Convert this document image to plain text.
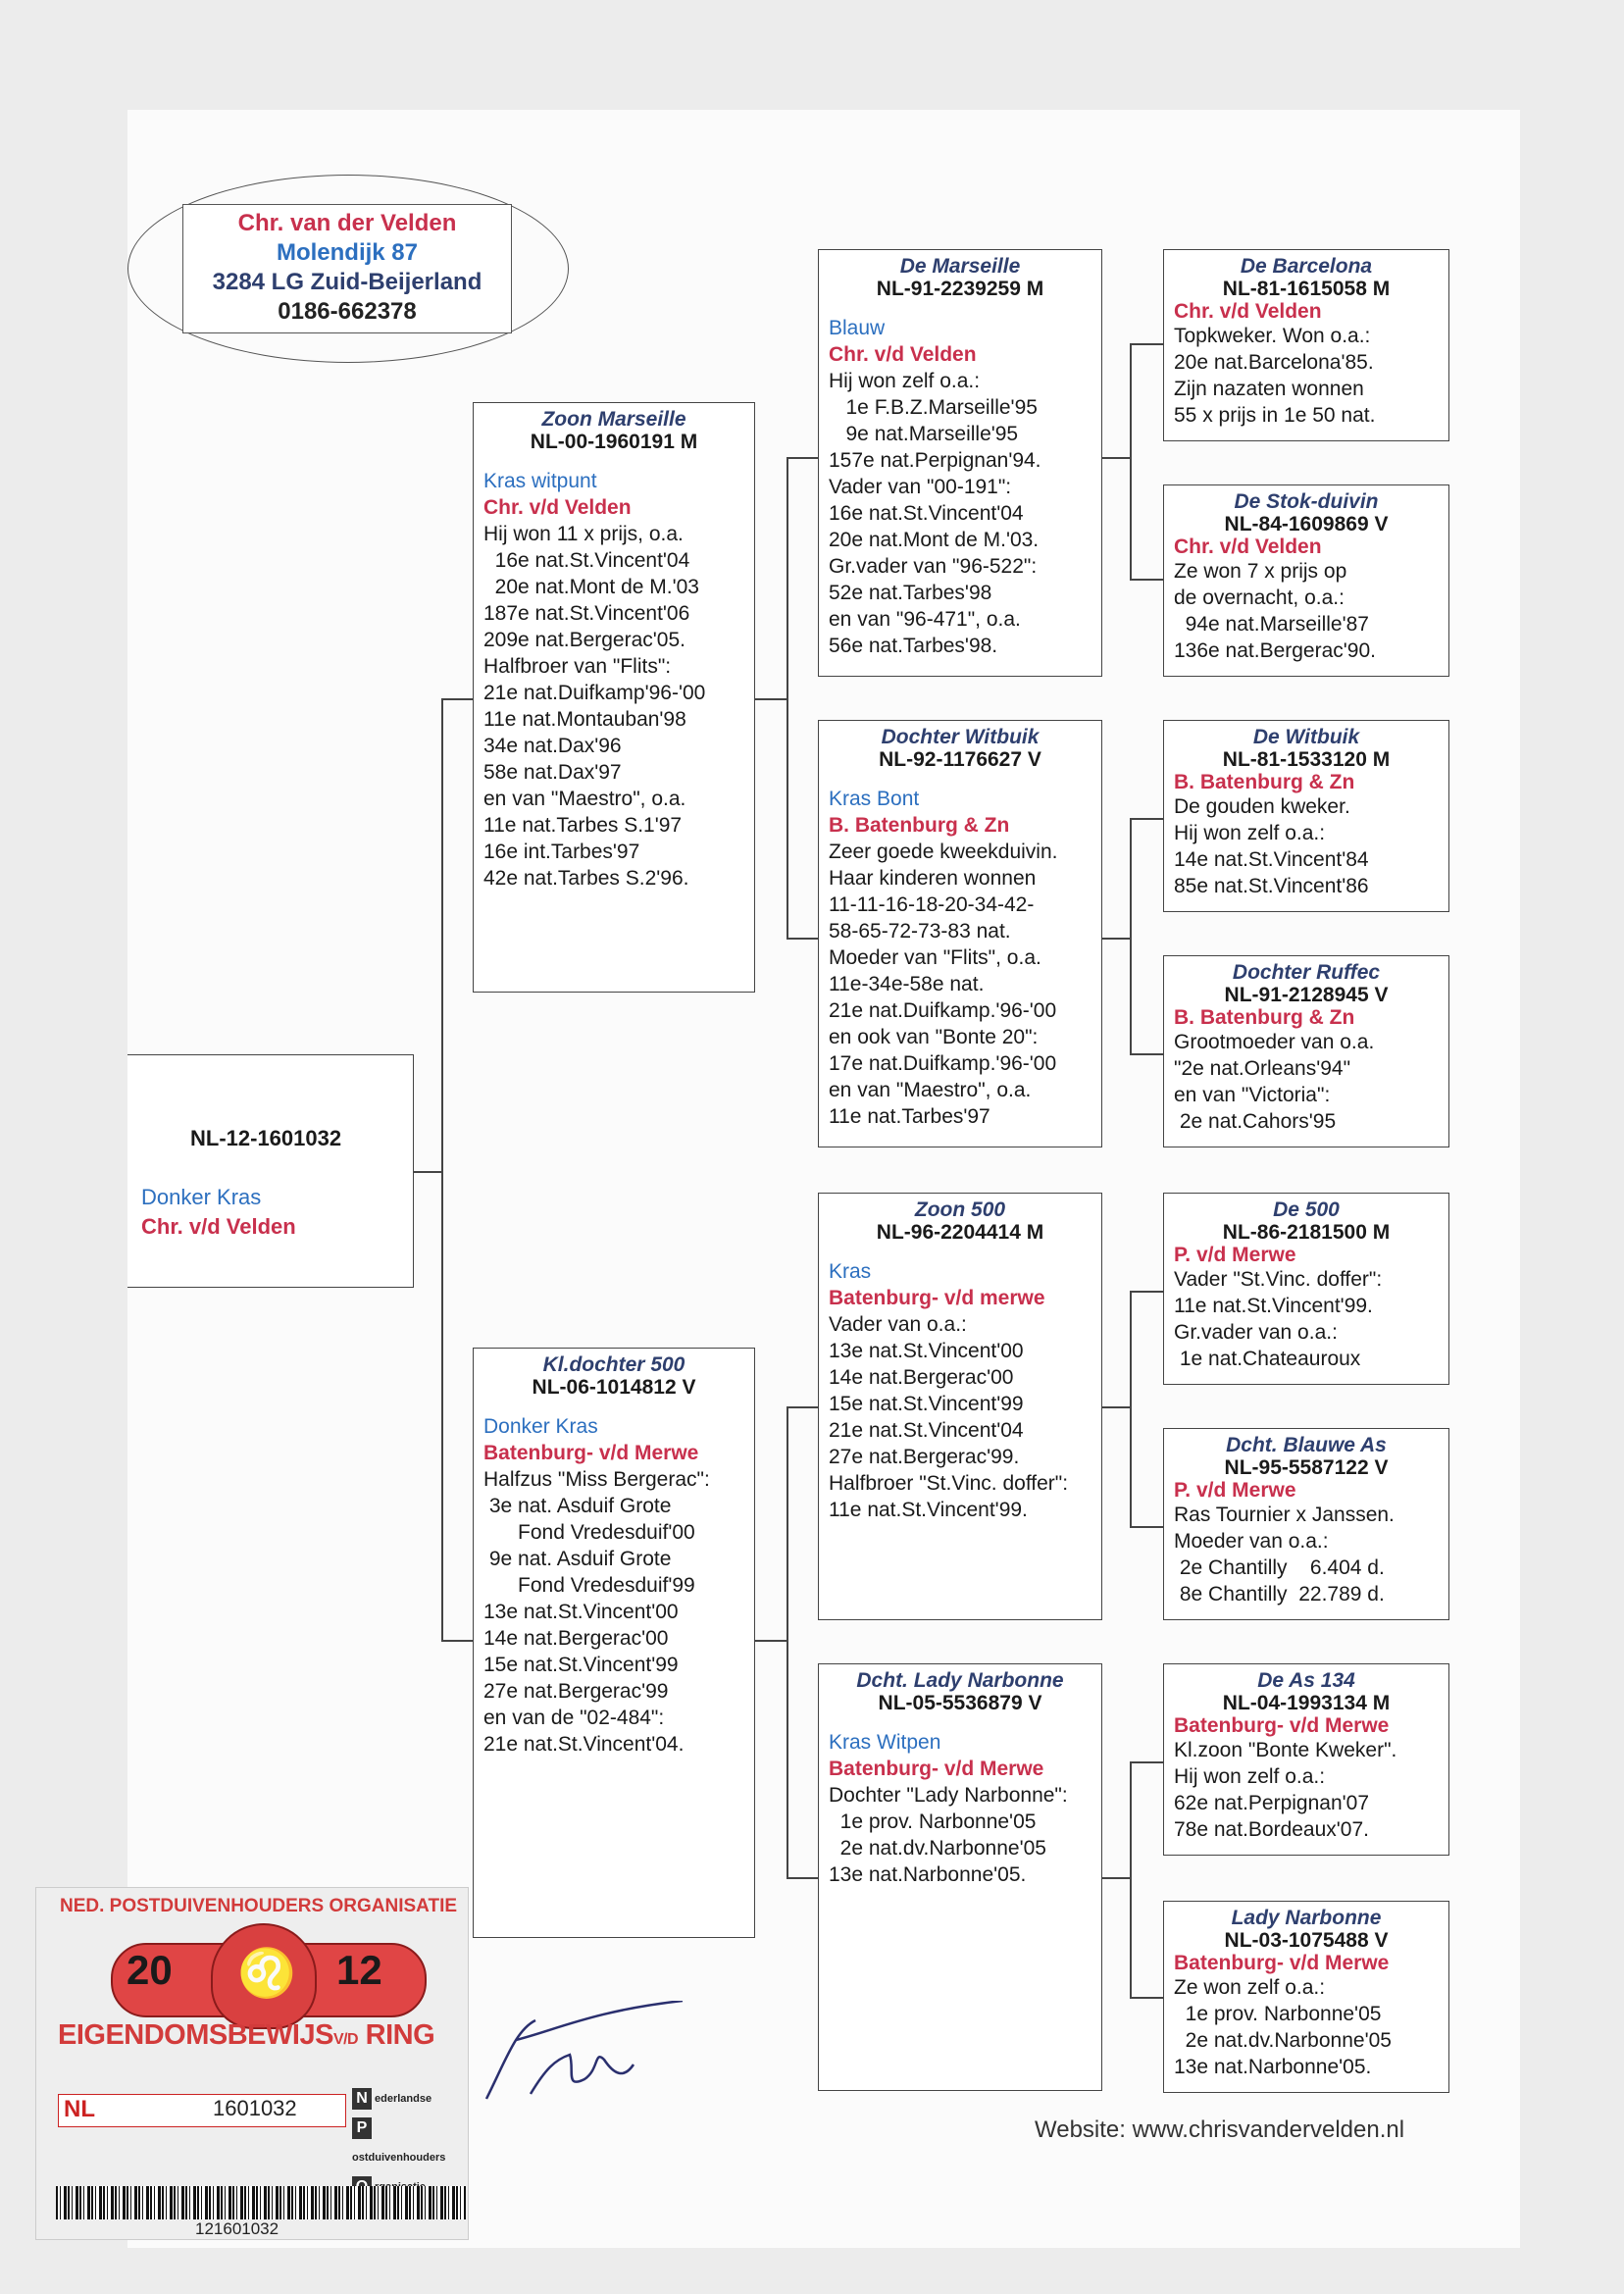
Chr. van der Velden
Molendijk 87
3284 LG Zuid-Beijerland
0186-662378
NL-12-1601032
Donker Kras
Chr. v/d Velden
Zoon Marseille
NL-00-1960191 M
Kras witpunt
Chr. v/d Velden
Hij won 11 x prijs, o.a.
16e nat.St.Vincent'04
20e nat.Mont de M.'03
187e nat.St.Vincent'06
209e nat.Bergerac'05.
Halfbroer van "Flits":
21e nat.Duifkamp'96-'00
11e nat.Montauban'98
34e nat.Dax'96
58e nat.Dax'97
en van "Maestro", o.a.
11e nat.Tarbes S.1'97
16e int.Tarbes'97
42e nat.Tarbes S.2'96.
Kl.dochter 500
NL-06-1014812 V
Donker Kras
Batenburg- v/d Merwe
Halfzus "Miss Bergerac":
3e nat. Asduif Grote
Fond Vredesduif'00
9e nat. Asduif Grote
Fond Vredesduif'99
13e nat.St.Vincent'00
14e nat.Bergerac'00
15e nat.St.Vincent'99
27e nat.Bergerac'99
en van de "02-484":
21e nat.St.Vincent'04.
De Marseille
NL-91-2239259 M
Blauw
Chr. v/d Velden
Hij won zelf o.a.:
1e F.B.Z.Marseille'95
9e nat.Marseille'95
157e nat.Perpignan'94.
Vader van "00-191":
16e nat.St.Vincent'04
20e nat.Mont de M.'03.
Gr.vader van "96-522":
52e nat.Tarbes'98
en van "96-471", o.a.
56e nat.Tarbes'98.
Dochter Witbuik
NL-92-1176627 V
Kras Bont
B. Batenburg & Zn
Zeer goede kweekduivin.
Haar kinderen wonnen
11-11-16-18-20-34-42-
58-65-72-73-83 nat.
Moeder van "Flits", o.a.
11e-34e-58e nat.
21e nat.Duifkamp.'96-'00
en ook van "Bonte 20":
17e nat.Duifkamp.'96-'00
en van "Maestro", o.a.
11e nat.Tarbes'97
Zoon 500
NL-96-2204414 M
Kras
Batenburg- v/d merwe
Vader van o.a.:
13e nat.St.Vincent'00
14e nat.Bergerac'00
15e nat.St.Vincent'99
21e nat.St.Vincent'04
27e nat.Bergerac'99.
Halfbroer "St.Vinc. doffer":
11e nat.St.Vincent'99.
Dcht. Lady Narbonne
NL-05-5536879 V
Kras Witpen
Batenburg- v/d Merwe
Dochter "Lady Narbonne":
1e prov. Narbonne'05
2e nat.dv.Narbonne'05
13e nat.Narbonne'05.
De Barcelona
NL-81-1615058 M
Chr. v/d Velden
Topkweker. Won o.a.:
20e nat.Barcelona'85.
Zijn nazaten wonnen
55 x prijs in 1e 50 nat.
De Stok-duivin
NL-84-1609869 V
Chr. v/d Velden
Ze won 7 x prijs op
de overnacht, o.a.:
94e nat.Marseille'87
136e nat.Bergerac'90.
De Witbuik
NL-81-1533120 M
B. Batenburg & Zn
De gouden kweker.
Hij won zelf o.a.:
14e nat.St.Vincent'84
85e nat.St.Vincent'86
Dochter Ruffec
NL-91-2128945 V
B. Batenburg & Zn
Grootmoeder van o.a.
"2e nat.Orleans'94"
en van "Victoria":
2e nat.Cahors'95
De 500
NL-86-2181500 M
P. v/d Merwe
Vader "St.Vinc. doffer":
11e nat.St.Vincent'99.
Gr.vader van o.a.:
1e nat.Chateauroux
Dcht. Blauwe As
NL-95-5587122 V
P. v/d Merwe
Ras Tournier x Janssen.
Moeder van o.a.:
2e Chantilly    6.404 d.
8e Chantilly  22.789 d.
De As 134
NL-04-1993134 M
Batenburg- v/d Merwe
Kl.zoon "Bonte Kweker".
Hij won zelf o.a.:
62e nat.Perpignan'07
78e nat.Bordeaux'07.
Lady Narbonne
NL-03-1075488 V
Batenburg- v/d Merwe
Ze won zelf o.a.:
1e prov. Narbonne'05
2e nat.dv.Narbonne'05
13e nat.Narbonne'05.
Website: www.chrisvandervelden.nl
NED. POSTDUIVENHOUDERS ORGANISATIE
♌
20	12
EIGENDOMSBEWIJSV/D RING
NL	1601032	N ederlandse
Postduivenhouders
121601032
